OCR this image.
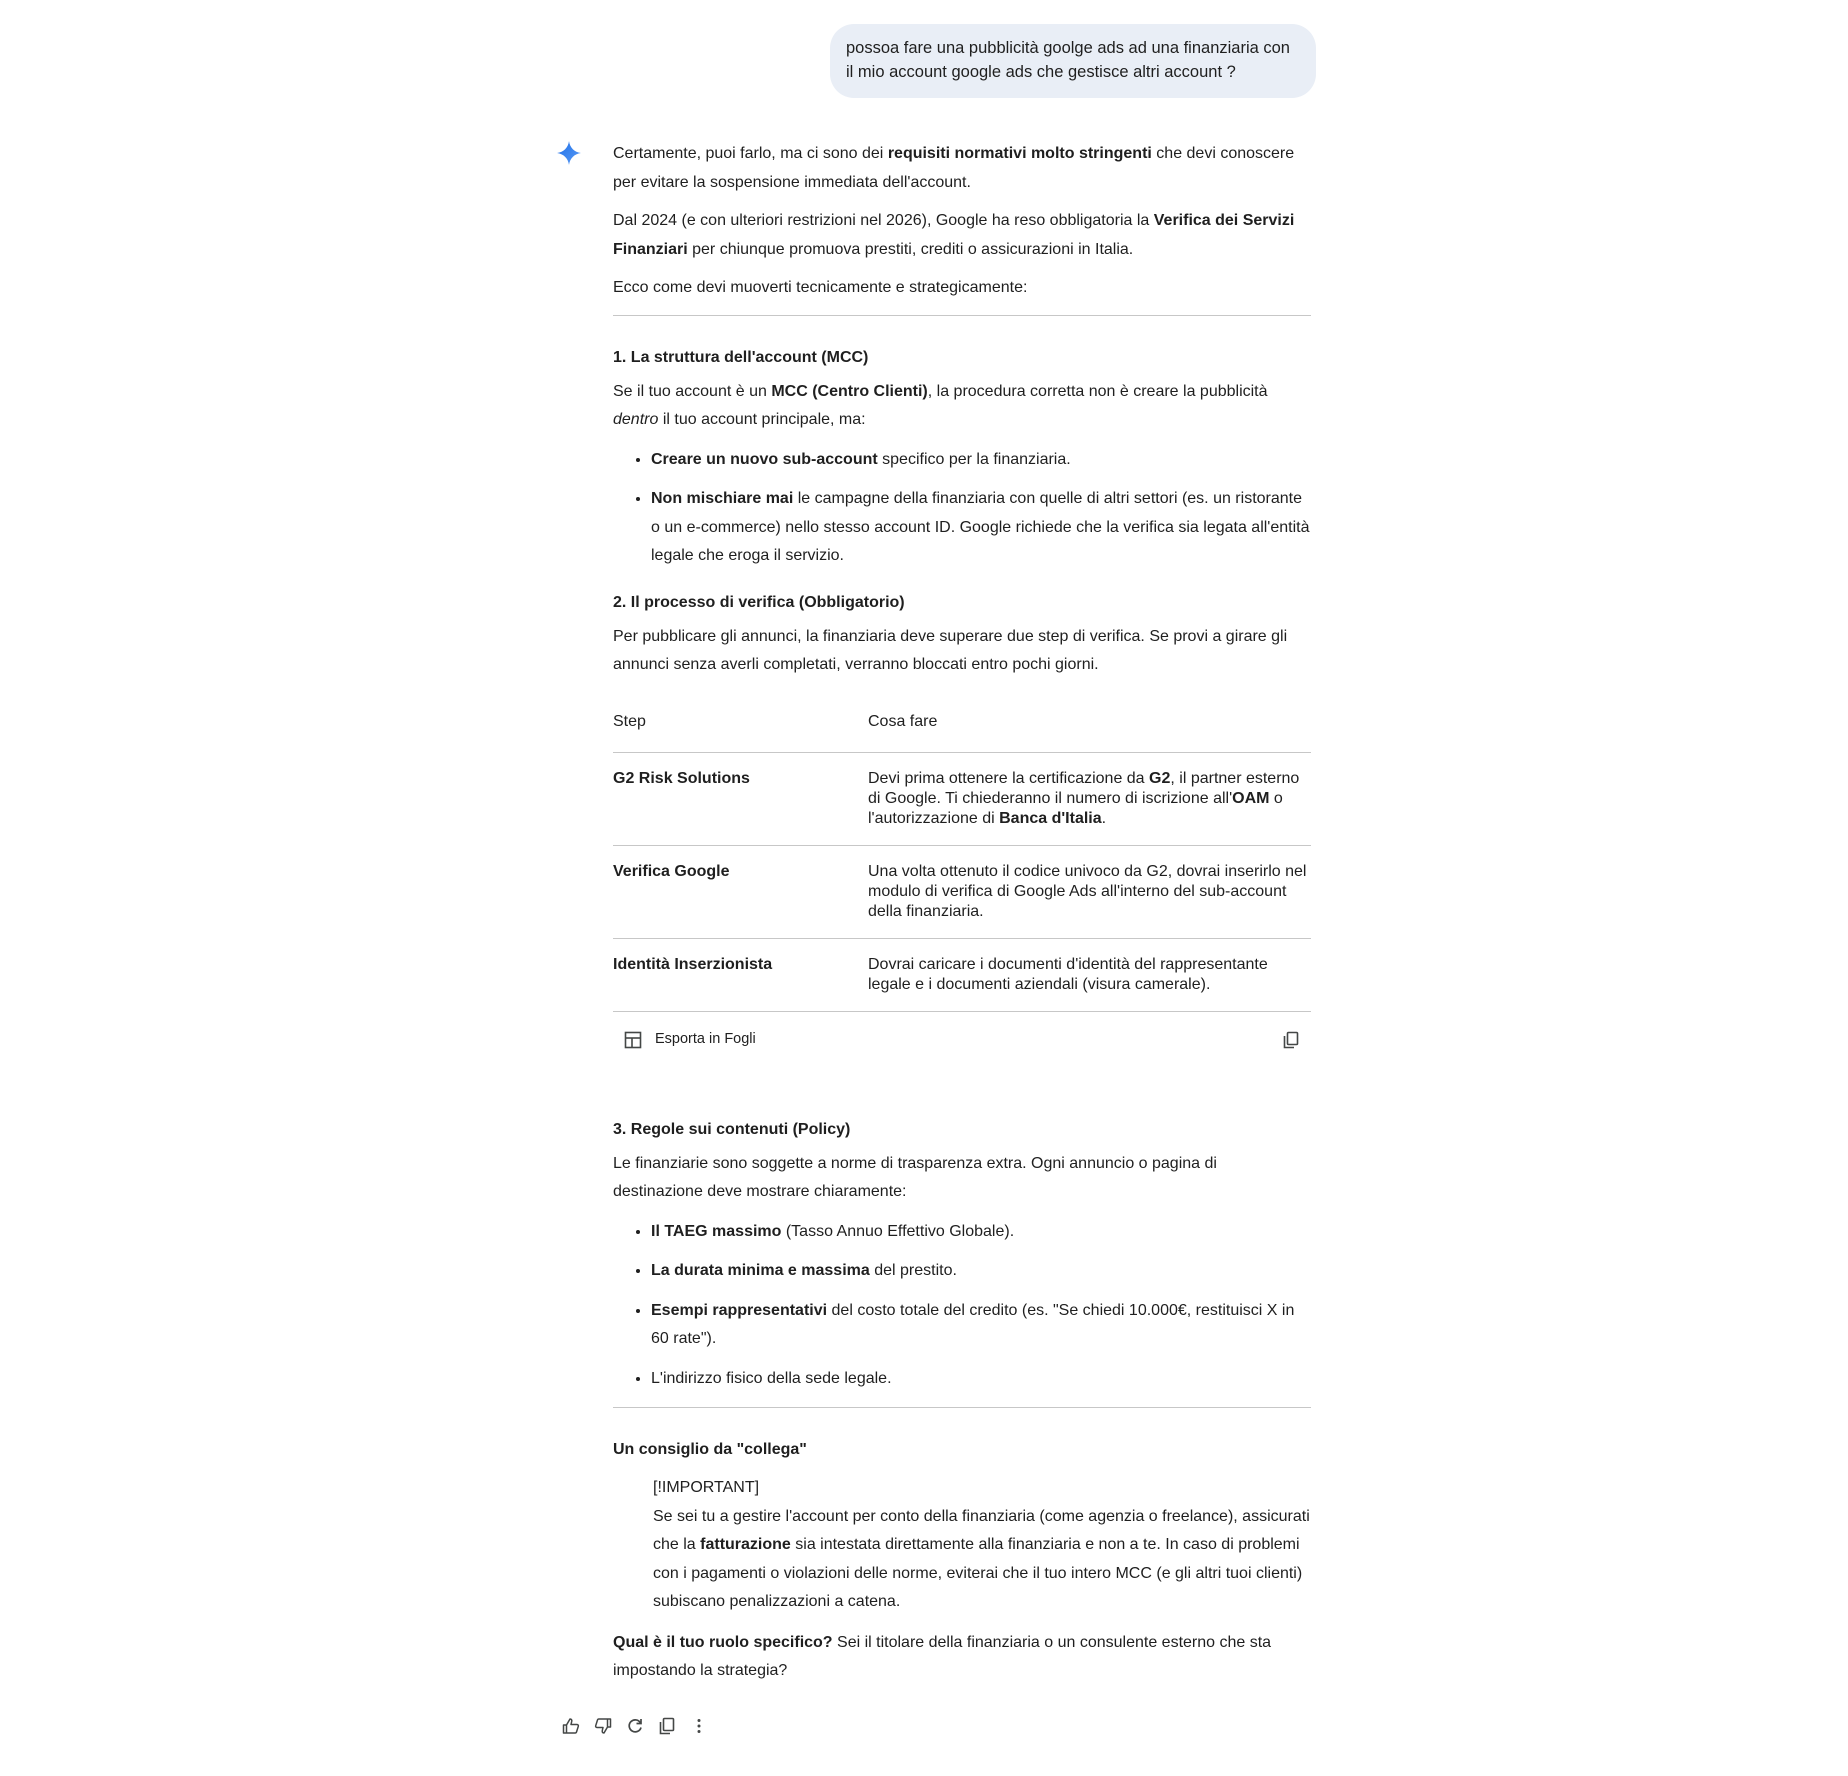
possoa fare una pubblicità goolge ads ad una finanziaria con il mio account google ads che gestisce altri account ?

Certamente, puoi farlo, ma ci sono dei requisiti normativi molto stringenti che devi conoscere per evitare la sospensione immediata dell'account.

Dal 2024 (e con ulteriori restrizioni nel 2026), Google ha reso obbligatoria la Verifica dei Servizi Finanziari per chiunque promuova prestiti, crediti o assicurazioni in Italia.

Ecco come devi muoverti tecnicamente e strategicamente:

1. La struttura dell'account (MCC)

Se il tuo account è un MCC (Centro Clienti), la procedura corretta non è creare la pubblicità dentro il tuo account principale, ma:

• Creare un nuovo sub-account specifico per la finanziaria.
• Non mischiare mai le campagne della finanziaria con quelle di altri settori (es. un ristorante o un e-commerce) nello stesso account ID. Google richiede che la verifica sia legata all'entità legale che eroga il servizio.
2. Il processo di verifica (Obbligatorio)

Per pubblicare gli annunci, la finanziaria deve superare due step di verifica. Se provi a girare gli annunci senza averli completati, verranno bloccati entro pochi giorni.

Step	Cosa fare
G2 Risk Solutions	Devi prima ottenere la certificazione da G2, il partner esterno di Google. Ti chiederanno il numero di iscrizione all'OAM o l'autorizzazione di Banca d'Italia.
Verifica Google	Una volta ottenuto il codice univoco da G2, dovrai inserirlo nel modulo di verifica di Google Ads all'interno del sub-account della finanziaria.
Identità Inserzionista	Dovrai caricare i documenti d'identità del rappresentante legale e i documenti aziendali (visura camerale).
Esporta in Fogli
3. Regole sui contenuti (Policy)

Le finanziarie sono soggette a norme di trasparenza extra. Ogni annuncio o pagina di destinazione deve mostrare chiaramente:

• Il TAEG massimo (Tasso Annuo Effettivo Globale).
• La durata minima e massima del prestito.
• Esempi rappresentativi del costo totale del credito (es. "Se chiedi 10.000€, restituisci X in 60 rate").
• L'indirizzo fisico della sede legale.
Un consiglio da "collega"
[!IMPORTANT]
Se sei tu a gestire l'account per conto della finanziaria (come agenzia o freelance), assicurati che la fatturazione sia intestata direttamente alla finanziaria e non a te. In caso di problemi con i pagamenti o violazioni delle norme, eviterai che il tuo intero MCC (e gli altri tuoi clienti) subiscano penalizzazioni a catena.

Qual è il tuo ruolo specifico? Sei il titolare della finanziaria o un consulente esterno che sta impostando la strategia?
